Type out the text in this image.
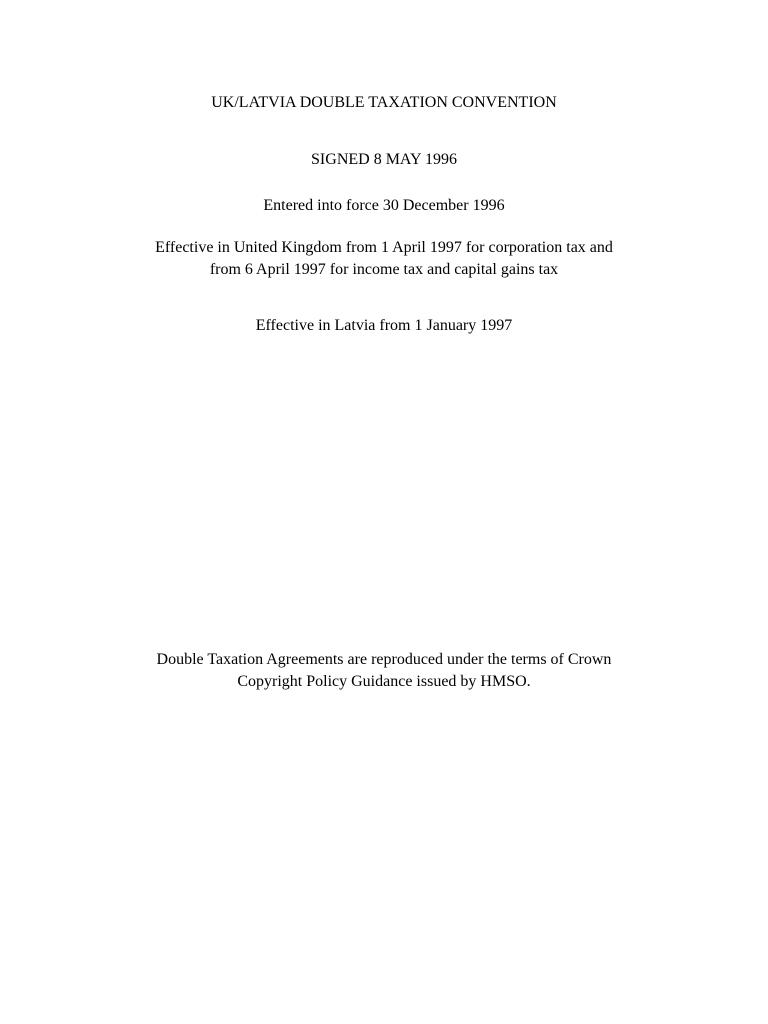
UK/LATVIA DOUBLE TAXATION CONVENTION
SIGNED 8 MAY 1996
Entered into force 30 December 1996
Effective in United Kingdom from 1 April 1997 for corporation tax and
from 6 April 1997 for income tax and capital gains tax
Effective in Latvia from 1 January 1997
Double Taxation Agreements are reproduced under the terms of Crown
Copyright Policy Guidance issued by HMSO.
